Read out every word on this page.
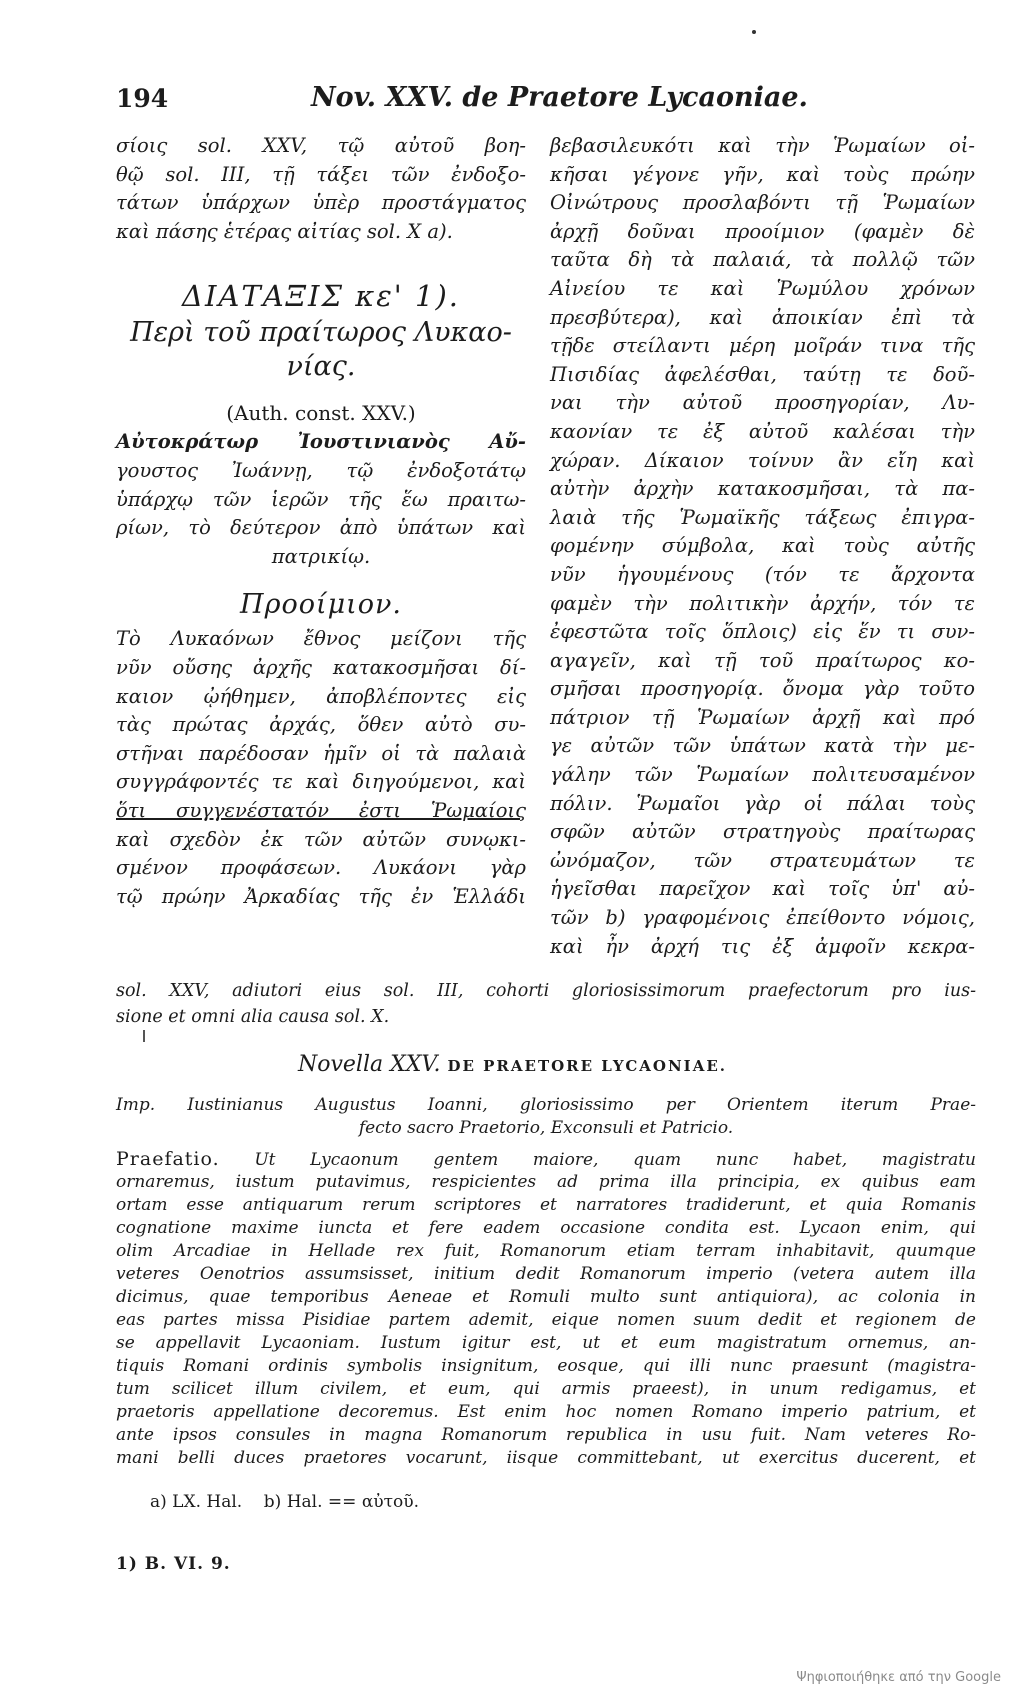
194	Nov. XXV. de Praetore Lycaoniae.
σίοις sol. XXV, τῷ αὐτοῦ βοη-
θῷ sol. III, τῇ τάξει τῶν ἐνδοξο-
τάτων ὑπάρχων ὑπὲρ προστάγματος
καὶ πάσης ἑτέρας αἰτίας sol. X a).
ΔΙΑΤΑΞΙΣ κε' 1).
Περὶ τοῦ πραίτωρος Λυκαο-
νίας.
(Auth. const. XXV.)
Αὐτοκράτωρ Ἰουστινιανὸς Αὔ-
γουστος Ἰωάννῃ, τῷ ἐνδοξοτάτῳ
ὑπάρχῳ τῶν ἱερῶν τῆς ἕω πραιτω-
ρίων, τὸ δεύτερον ἀπὸ ὑπάτων καὶ
πατρικίῳ.
Προοίμιον.
Τὸ Λυκαόνων ἔθνος μείζονι τῆς
νῦν οὔσης ἀρχῆς κατακοσμῆσαι δί-
καιον ᾠήθημεν, ἀποβλέποντες εἰς
τὰς πρώτας ἀρχάς, ὅθεν αὐτὸ συ-
στῆναι παρέδοσαν ἡμῖν οἱ τὰ παλαιὰ
συγγράφοντές τε καὶ διηγούμενοι, καὶ
ὅτι συγγενέστατόν ἐστι Ῥωμαίοις
καὶ σχεδὸν ἐκ τῶν αὐτῶν συνῳκι-
σμένον προφάσεων. Λυκάονι γὰρ
τῷ πρώην Ἀρκαδίας τῆς ἐν Ἑλλάδι
βεβασιλευκότι καὶ τὴν Ῥωμαίων οἰ-
κῆσαι γέγονε γῆν, καὶ τοὺς πρώην
Οἰνώτρους προσλαβόντι τῇ Ῥωμαίων
ἀρχῇ δοῦναι προοίμιον (φαμὲν δὲ
ταῦτα δὴ τὰ παλαιά, τὰ πολλῷ τῶν
Αἰνείου τε καὶ Ῥωμύλου χρόνων
πρεσβύτερα), καὶ ἀποικίαν ἐπὶ τὰ
τῇδε στείλαντι μέρη μοῖράν τινα τῆς
Πισιδίας ἀφελέσθαι, ταύτῃ τε δοῦ-
ναι τὴν αὐτοῦ προσηγορίαν, Λυ-
καονίαν τε ἐξ αὐτοῦ καλέσαι τὴν
χώραν. Δίκαιον τοίνυν ἂν εἴη καὶ
αὐτὴν ἀρχὴν κατακοσμῆσαι, τὰ πα-
λαιὰ τῆς Ῥωμαϊκῆς τάξεως ἐπιγρα-
φομένην σύμβολα, καὶ τοὺς αὐτῆς
νῦν ἡγουμένους (τόν τε ἄρχοντα
φαμὲν τὴν πολιτικὴν ἀρχήν, τόν τε
ἐφεστῶτα τοῖς ὅπλοις) εἰς ἕν τι συν-
αγαγεῖν, καὶ τῇ τοῦ πραίτωρος κο-
σμῆσαι προσηγορίᾳ. ὄνομα γὰρ τοῦτο
πάτριον τῇ Ῥωμαίων ἀρχῇ καὶ πρό
γε αὐτῶν τῶν ὑπάτων κατὰ τὴν με-
γάλην τῶν Ῥωμαίων πολιτευσαμένον
πόλιν. Ῥωμαῖοι γὰρ οἱ πάλαι τοὺς
σφῶν αὐτῶν στρατηγοὺς πραίτωρας
ὠνόμαζον, τῶν στρατευμάτων τε
ἡγεῖσθαι παρεῖχον καὶ τοῖς ὑπ' αὐ-
τῶν b) γραφομένοις ἐπείθοντο νόμοις,
καὶ ἦν ἀρχή τις ἐξ ἀμφοῖν κεκρα-
sol. XXV, adiutori eius sol. III, cohorti gloriosissimorum praefectorum pro ius-
sione et omni alia causa sol. X.
Novella XXV. DE PRAETORE LYCAONIAE.
Imp. Iustinianus Augustus Ioanni, gloriosissimo per Orientem iterum Prae-
fecto sacro Praetorio, Exconsuli et Patricio.
Praefatio. Ut Lycaonum gentem maiore, quam nunc habet, magistratu
ornaremus, iustum putavimus, respicientes ad prima illa principia, ex quibus eam
ortam esse antiquarum rerum scriptores et narratores tradiderunt, et quia Romanis
cognatione maxime iuncta et fere eadem occasione condita est. Lycaon enim, qui
olim Arcadiae in Hellade rex fuit, Romanorum etiam terram inhabitavit, quumque
veteres Oenotrios assumsisset, initium dedit Romanorum imperio (vetera autem illa
dicimus, quae temporibus Aeneae et Romuli multo sunt antiquiora), ac colonia in
eas partes missa Pisidiae partem ademit, eique nomen suum dedit et regionem de
se appellavit Lycaoniam. Iustum igitur est, ut et eum magistratum ornemus, an-
tiquis Romani ordinis symbolis insignitum, eosque, qui illi nunc praesunt (magistra-
tum scilicet illum civilem, et eum, qui armis praeest), in unum redigamus, et
praetoris appellatione decoremus. Est enim hoc nomen Romano imperio patrium, et
ante ipsos consules in magna Romanorum republica in usu fuit. Nam veteres Ro-
mani belli duces praetores vocarunt, iisque committebant, ut exercitus ducerent, et
a) LX. Hal. b) Hal. == αὐτοῦ.
1) B. VI. 9.
Ψηφιοποιήθηκε από την Google
